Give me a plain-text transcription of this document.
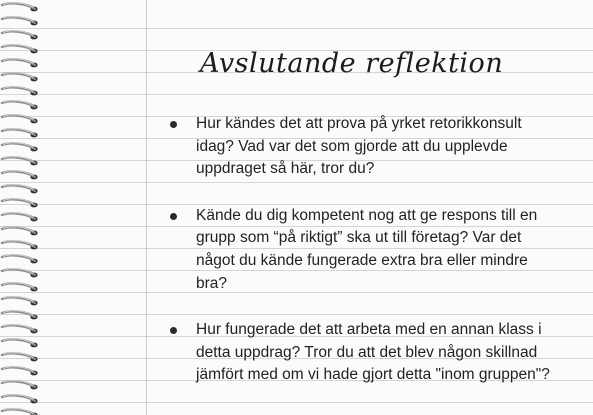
Avslutande reflektion
Hur kändes det att prova på yrket retorikkonsult idag? Vad var det som gjorde att du upplevde uppdraget så här, tror du?
Kände du dig kompetent nog att ge respons till en grupp som “på riktigt” ska ut till företag? Var det något du kände fungerade extra bra eller mindre bra?
Hur fungerade det att arbeta med en annan klass i detta uppdrag? Tror du att det blev någon skillnad jämfört med om vi hade gjort detta "inom gruppen"?
